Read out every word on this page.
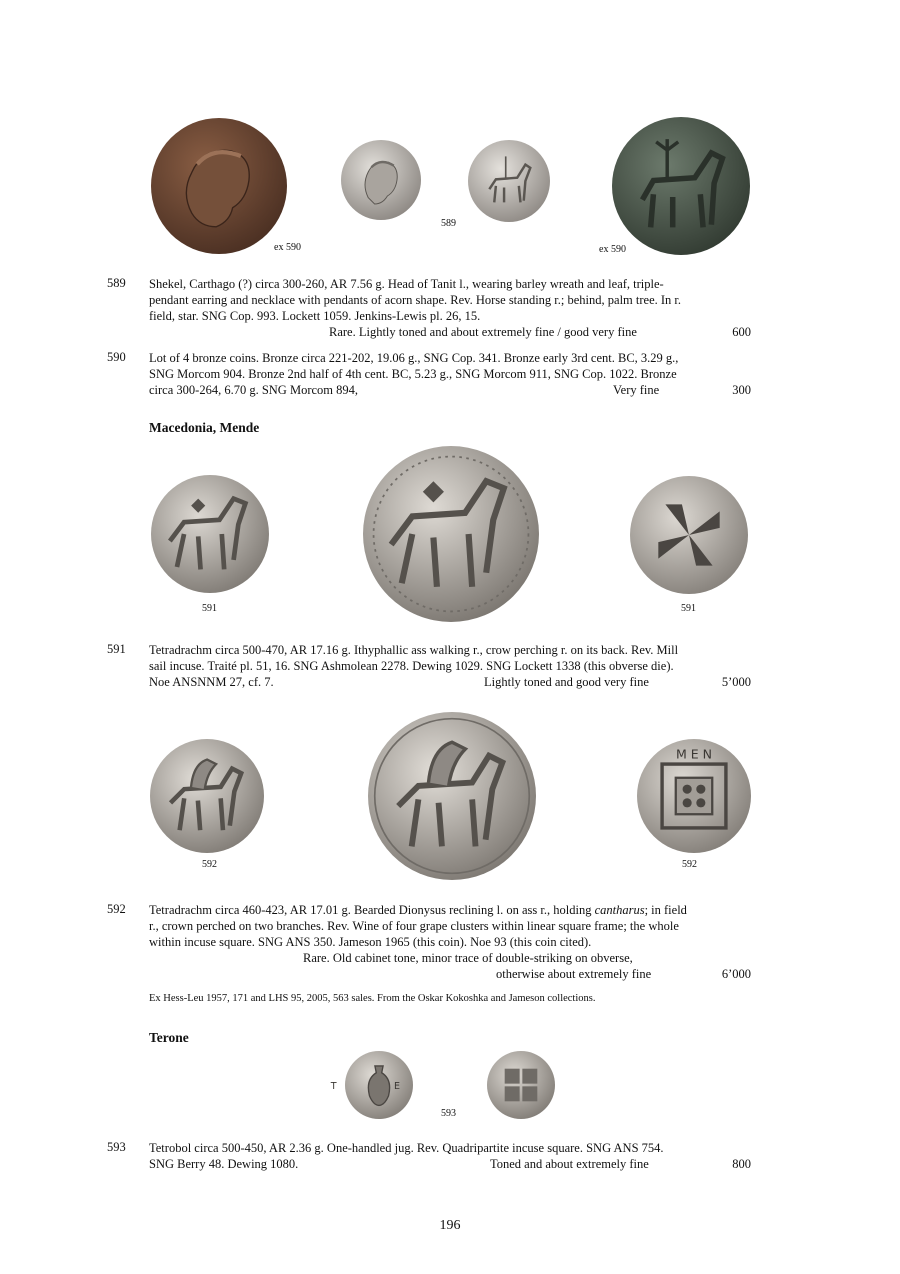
ex 590
589
ex 590
589 Shekel, Carthago (?) circa 300-260, AR 7.56 g. Head of Tanit l., wearing barley wreath and leaf, triple-
pendant earring and necklace with pendants of acorn shape. Rev. Horse standing r.; behind, palm tree. In r.
field, star. SNG Cop. 993. Lockett 1059. Jenkins-Lewis pl. 26, 15.
Rare. Lightly toned and about extremely fine / good very fine	600
590 Lot of 4 bronze coins. Bronze circa 221-202, 19.06 g., SNG Cop. 341. Bronze early 3rd cent. BC, 3.29 g.,
SNG Morcom 904. Bronze 2nd half of 4th cent. BC, 5.23 g., SNG Morcom 911, SNG Cop. 1022. Bronze
circa 300-264, 6.70 g. SNG Morcom 894,	Very fine	300
Macedonia, Mende
591	591
591 Tetradrachm circa 500-470, AR 17.16 g. Ithyphallic ass walking r., crow perching r. on its back. Rev. Mill
sail incuse. Traité pl. 51, 16. SNG Ashmolean 2278. Dewing 1029. SNG Lockett 1338 (this obverse die).
Noe ANSNNM 27, cf. 7.	Lightly toned and good very fine	5’000
592
M E N
592
592 Tetradrachm circa 460-423, AR 17.01 g. Bearded Dionysus reclining l. on ass r., holding cantharus; in field
r., crown perched on two branches. Rev. Wine of four grape clusters within linear square frame; the whole
within incuse square. SNG ANS 350. Jameson 1965 (this coin). Noe 93 (this coin cited).
Rare. Old cabinet tone, minor trace of double-striking on obverse,
otherwise about extremely fine	6’000
Ex Hess-Leu 1957, 171 and LHS 95, 2005, 563 sales. From the Oskar Kokoshka and Jameson collections.
Terone
T E
593
593 Tetrobol circa 500-450, AR 2.36 g. One-handled jug. Rev. Quadripartite incuse square. SNG ANS 754.
SNG Berry 48. Dewing 1080.	Toned and about extremely fine	800
196
